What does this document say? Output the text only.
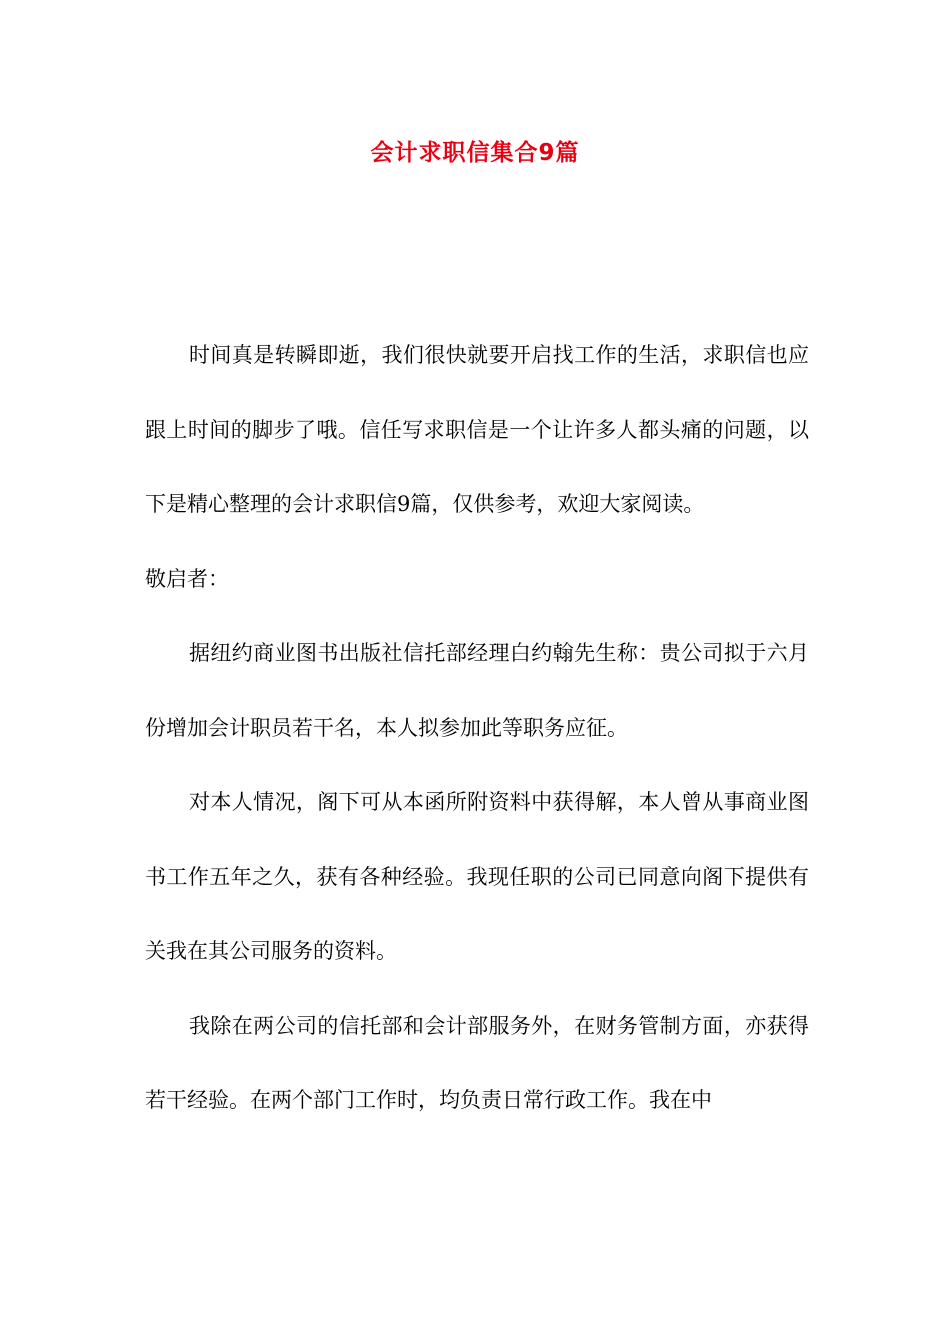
会计求职信集合9篇

时间真是转瞬即逝，我们很快就要开启找工作的生活，求职信也应跟上时间的脚步了哦。信任写求职信是一个让许多人都头痛的问题，以下是精心整理的会计求职信9篇，仅供参考，欢迎大家阅读。

敬启者：

据纽约商业图书出版社信托部经理白约翰先生称：贵公司拟于六月份增加会计职员若干名，本人拟参加此等职务应征。

对本人情况，阁下可从本函所附资料中获得解，本人曾从事商业图书工作五年之久，获有各种经验。我现任职的公司已同意向阁下提供有关我在其公司服务的资料。

我除在两公司的信托部和会计部服务外，在财务管制方面，亦获得若干经验。在两个部门工作时，均负责日常行政工作。我在中
